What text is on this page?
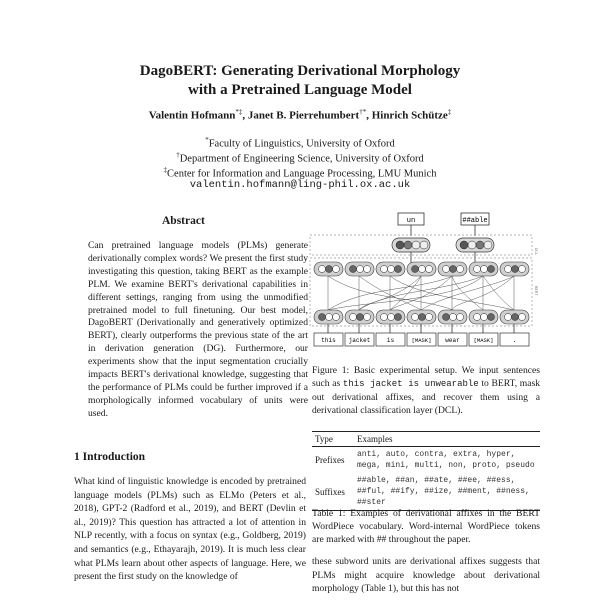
DagoBERT: Generating Derivational Morphology
with a Pretrained Language Model
Valentin Hofmann*‡, Janet B. Pierrehumbert†*, Hinrich Schütze‡
*Faculty of Linguistics, University of Oxford
†Department of Engineering Science, University of Oxford
‡Center for Information and Language Processing, LMU Munich
valentin.hofmann@ling-phil.ox.ac.uk
Abstract
Can pretrained language models (PLMs) generate derivationally complex words? We present the first study investigating this question, taking BERT as the example PLM. We examine BERT's derivational capabilities in different settings, ranging from using the unmodified pretrained model to full finetuning. Our best model, DagoBERT (Derivationally and generatively optimized BERT), clearly outperforms the previous state of the art in derivation generation (DG). Furthermore, our experiments show that the input segmentation crucially impacts BERT's derivational knowledge, suggesting that the performance of PLMs could be further improved if a morphologically informed vocabulary of units were used.
1 Introduction
What kind of linguistic knowledge is encoded by pretrained language models (PLMs) such as ELMo (Peters et al., 2018), GPT-2 (Radford et al., 2019), and BERT (Devlin et al., 2019)? This question has attracted a lot of attention in NLP recently, with a focus on syntax (e.g., Goldberg, 2019) and semantics (e.g., Ethayarajh, 2019). It is much less clear what PLMs learn about other aspects of language. Here, we present the first study on the knowledge of
un	##able
DCL
BERT
this jacket	is	[MASK] wear	[MASK]	.
Figure 1: Basic experimental setup. We input sentences such as this jacket is unwearable to BERT, mask out derivational affixes, and recover them using a derivational classification layer (DCL).
Type	Examples
Prefixes	anti, auto, contra, extra, hyper, mega, mini, multi, non, proto, pseudo
Suffixes	##able, ##an, ##ate, ##ee, ##ess, ##ful, ##ify, ##ize, ##ment, ##ness, ##ster
Table 1: Examples of derivational affixes in the BERT WordPiece vocabulary. Word-internal WordPiece tokens are marked with ## throughout the paper.
these subword units are derivational affixes suggests that PLMs might acquire knowledge about derivational morphology (Table 1), but this has not
